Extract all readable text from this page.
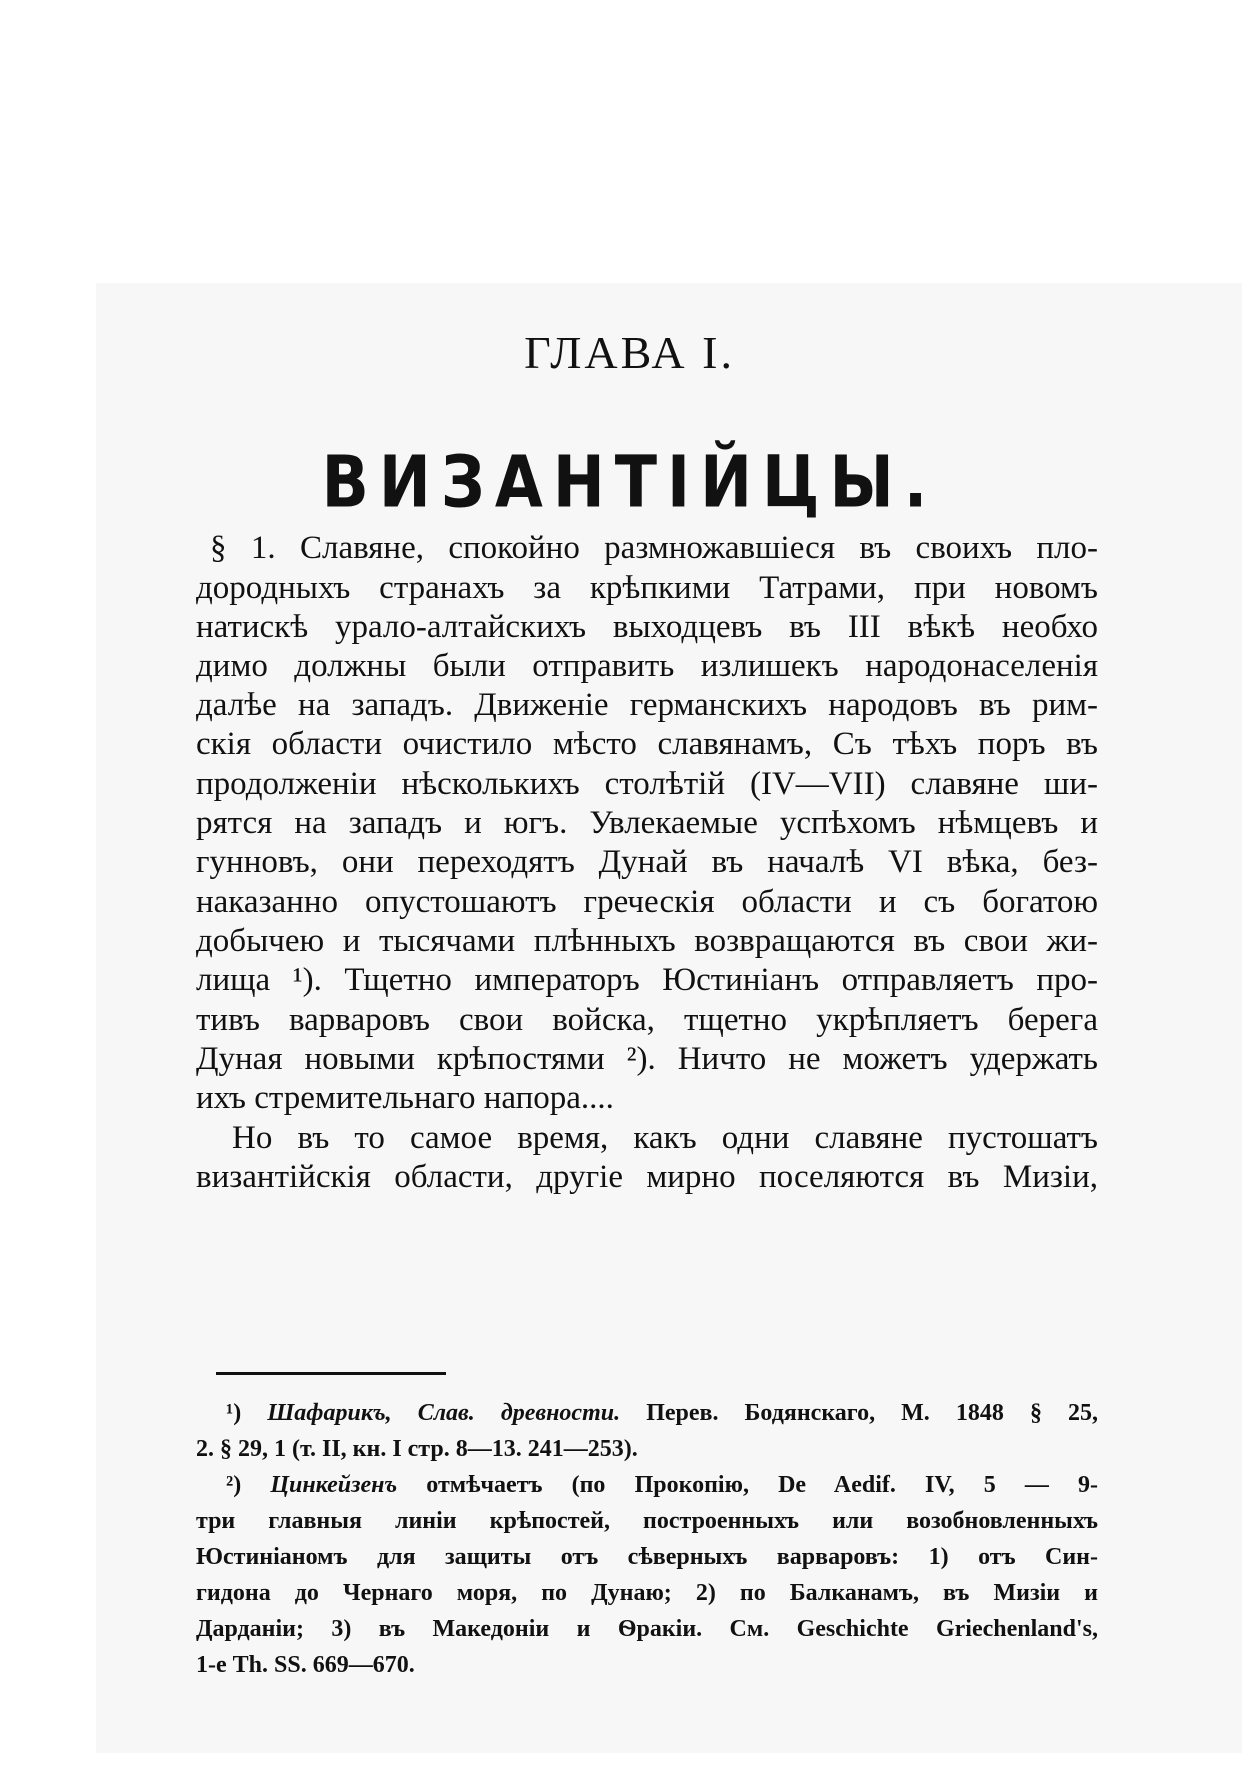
ГЛАВА I.
ВИЗАНТІЙЦЫ.
§ 1. Славяне, спокойно размножавшіеся въ своихъ пло-
дородныхъ странахъ за крѣпкими Татрами, при новомъ
натискѣ урало-алтайскихъ выходцевъ въ III вѣкѣ необхо
димо должны были отправить излишекъ народонаселенія
далѣе на западъ. Движеніе германскихъ народовъ въ рим-
скія области очистило мѣсто славянамъ, Съ тѣхъ поръ въ
продолженіи нѣсколькихъ столѣтій (IV—VII) славяне ши-
рятся на западъ и югъ. Увлекаемые успѣхомъ нѣмцевъ и
гунновъ, они переходятъ Дунай въ началѣ VI вѣка, без-
наказанно опустошаютъ греческія области и съ богатою
добычею и тысячами плѣнныхъ возвращаются въ свои жи-
лища ¹). Тщетно императоръ Юстиніанъ отправляетъ про-
тивъ варваровъ свои войска, тщетно укрѣпляетъ берега
Дуная новыми крѣпостями ²). Ничто не можетъ удержать
ихъ стремительнаго напора....
Но въ то самое время, какъ одни славяне пустошатъ
византійскія области, другіе мирно поселяются въ Мизіи,
¹) Шафарикъ, Слав. древности. Перев. Бодянскаго, М. 1848 § 25,
2. § 29, 1 (т. II, кн. I стр. 8—13. 241—253).
²) Цинкейзенъ отмѣчаетъ (по Прокопію, De Aedif. IV, 5 — 9-
три главныя линіи крѣпостей, построенныхъ или возобновленныхъ
Юстиніаномъ для защиты отъ сѣверныхъ варваровъ: 1) отъ Син-
гидона до Чернаго моря, по Дунаю; 2) по Балканамъ, въ Мизіи и
Дарданіи; 3) въ Македоніи и Ѳракіи. См. Geschichte Griechenland's,
1-е Th. SS. 669—670.
